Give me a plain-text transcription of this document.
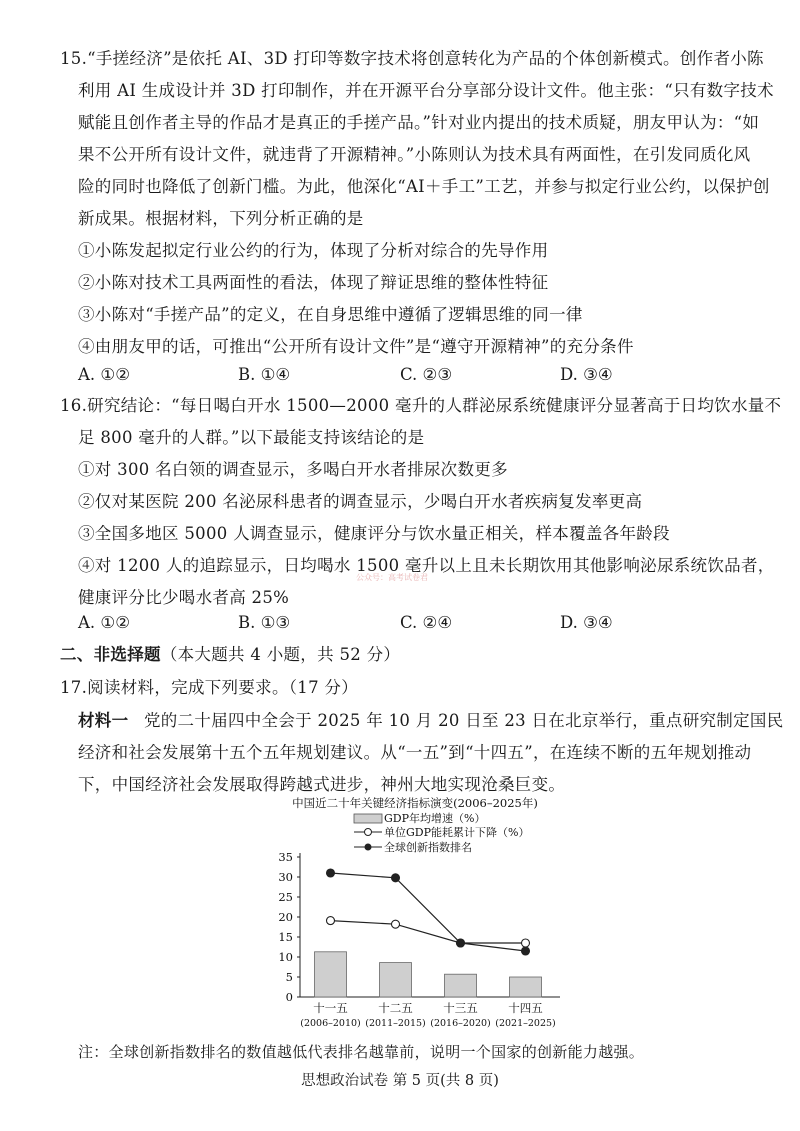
15.“手搓经济”是依托 AI、3D 打印等数字技术将创意转化为产品的个体创新模式。创作者小陈
利用 AI 生成设计并 3D 打印制作，并在开源平台分享部分设计文件。他主张：“只有数字技术
赋能且创作者主导的作品才是真正的手搓产品。”针对业内提出的技术质疑，朋友甲认为：“如
果不公开所有设计文件，就违背了开源精神。”小陈则认为技术具有两面性，在引发同质化风
险的同时也降低了创新门槛。为此，他深化“AI＋手工”工艺，并参与拟定行业公约，以保护创
新成果。根据材料，下列分析正确的是
①小陈发起拟定行业公约的行为，体现了分析对综合的先导作用
②小陈对技术工具两面性的看法，体现了辩证思维的整体性特征
③小陈对“手搓产品”的定义，在自身思维中遵循了逻辑思维的同一律
④由朋友甲的话，可推出“公开所有设计文件”是“遵守开源精神”的充分条件
A. ①②	B. ①④	C. ②③	D. ③④
16.研究结论：“每日喝白开水 1500—2000 毫升的人群泌尿系统健康评分显著高于日均饮水量不
足 800 毫升的人群。”以下最能支持该结论的是
①对 300 名白领的调查显示，多喝白开水者排尿次数更多
②仅对某医院 200 名泌尿科患者的调查显示，少喝白开水者疾病复发率更高
③全国多地区 5000 人调查显示，健康评分与饮水量正相关，样本覆盖各年龄段
④对 1200 人的追踪显示，日均喝水 1500 毫升以上且未长期饮用其他影响泌尿系统饮品者，
健康评分比少喝水者高 25%
公众号：高考试卷君
A. ①②	B. ①③	C. ②④	D. ③④
二、非选择题（本大题共 4 小题，共 52 分）
17.阅读材料，完成下列要求。（17 分）
材料一 党的二十届四中全会于 2025 年 10 月 20 日至 23 日在北京举行，重点研究制定国民
经济和社会发展第十五个五年规划建议。从“一五”到“十四五”，在连续不断的五年规划推动
下，中国经济社会发展取得跨越式进步，神州大地实现沧桑巨变。
中国近二十年关键经济指标演变(2006–2025年)
GDP年均增速（%）
单位GDP能耗累计下降（%）
全球创新指数排名
0
5
10
15
20
25
30
35
十一五
(2006–2010)
十二五
(2011–2015)
十三五
(2016–2020)
十四五
(2021–2025)
注：全球创新指数排名的数值越低代表排名越靠前，说明一个国家的创新能力越强。
思想政治试卷 第 5 页(共 8 页)
